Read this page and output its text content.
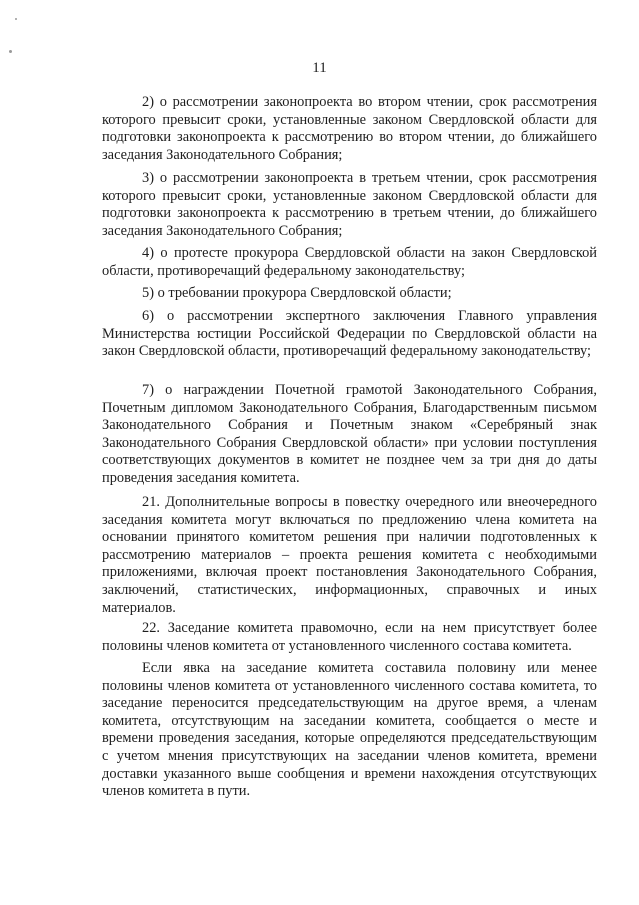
11

2) о рассмотрении законопроекта во втором чтении, срок рассмотрения которого превысит сроки, установленные законом Свердловской области для подготовки законопроекта к рассмотрению во втором чтении, до ближайшего заседания Законодательного Собрания;

3) о рассмотрении законопроекта в третьем чтении, срок рассмотрения которого превысит сроки, установленные законом Свердловской области для подготовки законопроекта к рассмотрению в третьем чтении, до ближайшего заседания Законодательного Собрания;

4) о протесте прокурора Свердловской области на закон Свердловской области, противоречащий федеральному законодательству;

5) о требовании прокурора Свердловской области;

6) о рассмотрении экспертного заключения Главного управления Министерства юстиции Российской Федерации по Свердловской области на закон Свердловской области, противоречащий федеральному законодательству;

7) о награждении Почетной грамотой Законодательного Собрания, Почетным дипломом Законодательного Собрания, Благодарственным письмом Законодательного Собрания и Почетным знаком «Серебряный знак Законодательного Собрания Свердловской области» при условии поступления соответствующих документов в комитет не позднее чем за три дня до даты проведения заседания комитета.

21. Дополнительные вопросы в повестку очередного или внеочередного заседания комитета могут включаться по предложению члена комитета на основании принятого комитетом решения при наличии подготовленных к рассмотрению материалов – проекта решения комитета с необходимыми приложениями, включая проект постановления Законодательного Собрания, заключений, статистических, информационных, справочных и иных материалов.

22. Заседание комитета правомочно, если на нем присутствует более половины членов комитета от установленного численного состава комитета.

Если явка на заседание комитета составила половину или менее половины членов комитета от установленного численного состава комитета, то заседание переносится председательствующим на другое время, а членам комитета, отсутствующим на заседании комитета, сообщается о месте и времени проведения заседания, которые определяются председательствующим с учетом мнения присутствующих на заседании членов комитета, времени доставки указанного выше сообщения и времени нахождения отсутствующих членов комитета в пути.
